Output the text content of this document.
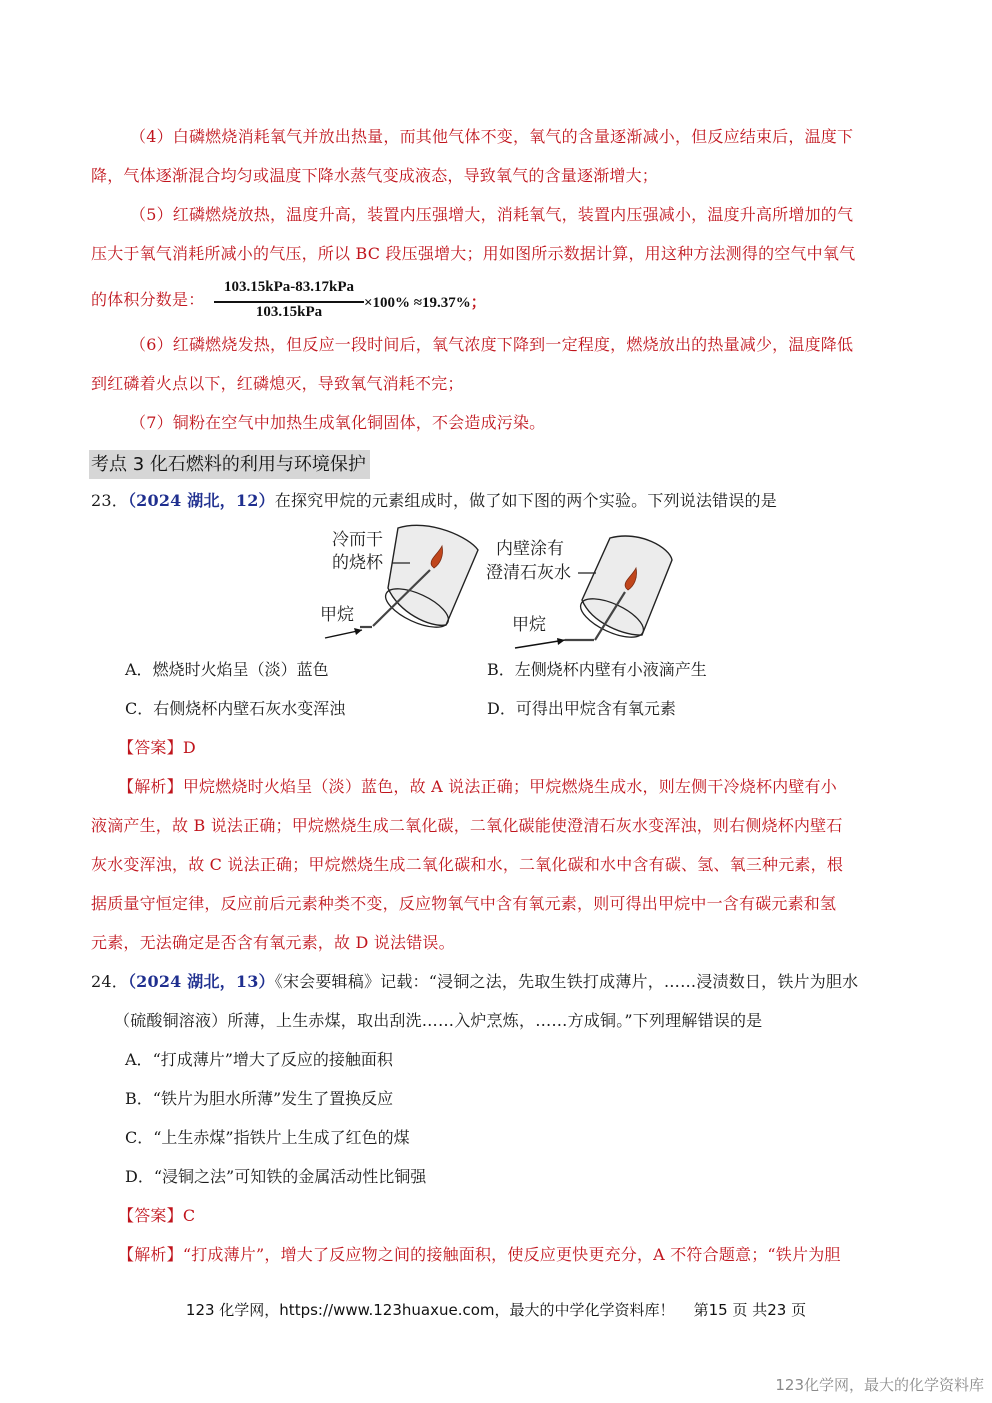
（4）白磷燃烧消耗氧气并放出热量，而其他气体不变，氧气的含量逐渐减小，但反应结束后，温度下
降，气体逐渐混合均匀或温度下降水蒸气变成液态，导致氧气的含量逐渐增大；
（5）红磷燃烧放热，温度升高，装置内压强增大，消耗氧气，装置内压强减小，温度升高所增加的气
压大于氧气消耗所减小的气压，所以 BC 段压强增大；用如图所示数据计算，用这种方法测得的空气中氧气
的体积分数是：
103.15kPa-83.17kPa
103.15kPa
×100% ≈19.37%；
（6）红磷燃烧发热，但反应一段时间后，氧气浓度下降到一定程度，燃烧放出的热量减少，温度降低
到红磷着火点以下，红磷熄灭，导致氧气消耗不完；
（7）铜粉在空气中加热生成氧化铜固体，不会造成污染。
考点 3 化石燃料的利用与环境保护
23．（2024 湖北，12）在探究甲烷的元素组成时，做了如下图的两个实验。下列说法错误的是
冷而干
的烧杯
甲烷
内壁涂有
澄清石灰水
甲烷
A．燃烧时火焰呈（淡）蓝色	B．左侧烧杯内壁有小液滴产生
C．右侧烧杯内壁石灰水变浑浊	D．可得出甲烷含有氧元素
【答案】D
【解析】甲烷燃烧时火焰呈（淡）蓝色，故 A 说法正确；甲烷燃烧生成水，则左侧干冷烧杯内壁有小
液滴产生，故 B 说法正确；甲烷燃烧生成二氧化碳，二氧化碳能使澄清石灰水变浑浊，则右侧烧杯内壁石
灰水变浑浊，故 C 说法正确；甲烷燃烧生成二氧化碳和水，二氧化碳和水中含有碳、氢、氧三种元素，根
据质量守恒定律，反应前后元素种类不变，反应物氧气中含有氧元素，则可得出甲烷中一含有碳元素和氢
元素，无法确定是否含有氧元素，故 D 说法错误。
24．（2024 湖北，13）《宋会要辑稿》记载：“浸铜之法，先取生铁打成薄片，……浸渍数日，铁片为胆水
（硫酸铜溶液）所薄，上生赤煤，取出刮洗……入炉烹炼，……方成铜。”下列理解错误的是
A．“打成薄片”增大了反应的接触面积
B．“铁片为胆水所薄”发生了置换反应
C．“上生赤煤”指铁片上生成了红色的煤
D．“浸铜之法”可知铁的金属活动性比铜强
【答案】C
【解析】“打成薄片”，增大了反应物之间的接触面积，使反应更快更充分，A 不符合题意；“铁片为胆
123 化学网，https://www.123huaxue.com，最大的中学化学资料库！ 第15 页 共23 页
123化学网，最大的化学资料库
